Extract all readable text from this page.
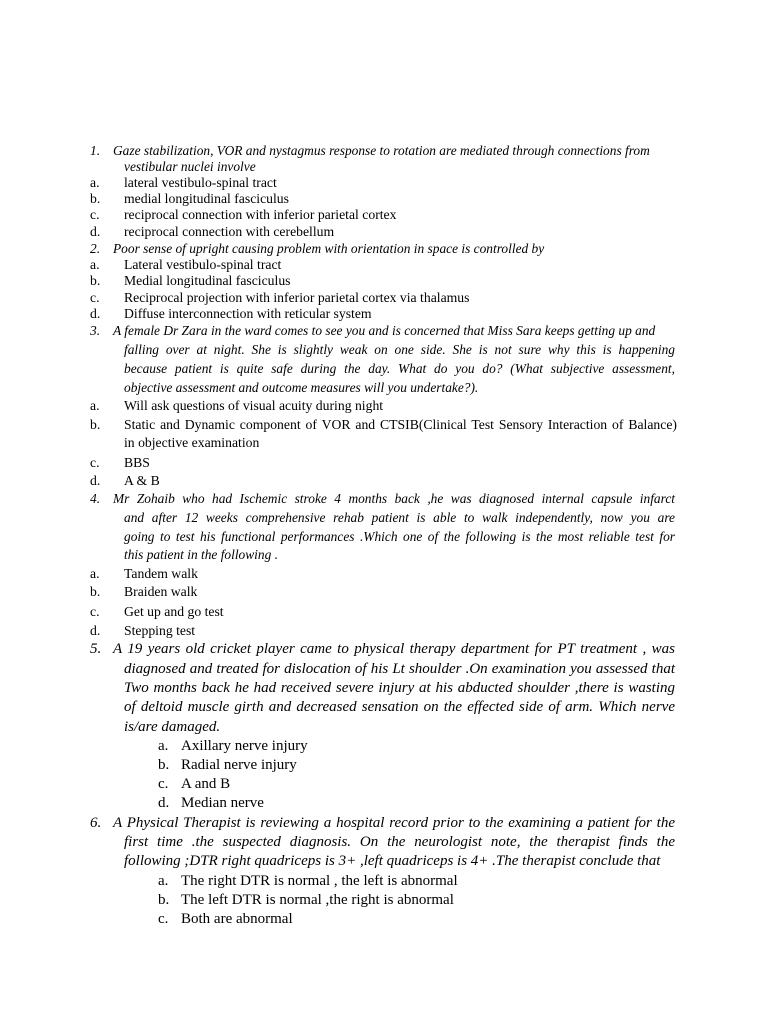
1. Gaze stabilization, VOR and nystagmus response to rotation are mediated through connections from
vestibular nuclei involve
a. lateral vestibulo-spinal tract
b. medial longitudinal fasciculus
c. reciprocal connection with inferior parietal cortex
d. reciprocal connection with cerebellum
2. Poor sense of upright causing problem with orientation in space is controlled by
a. Lateral vestibulo-spinal tract
b. Medial longitudinal fasciculus
c. Reciprocal projection with inferior parietal cortex via thalamus
d. Diffuse interconnection with reticular system
3. A female Dr Zara in the ward comes to see you and is concerned that Miss Sara keeps getting up and
falling over at night. She is slightly weak on one side. She is not sure why this is happening
because patient is quite safe during the day. What do you do? (What subjective assessment,
objective assessment and outcome measures will you undertake?).
a. Will ask questions of visual acuity during night
b. Static and Dynamic component of VOR and CTSIB(Clinical Test Sensory Interaction of Balance)
in objective examination
c. BBS
d. A & B
4. Mr Zohaib who had Ischemic stroke 4 months back ,he was diagnosed internal capsule infarct
and after 12 weeks comprehensive rehab patient is able to walk independently, now you are
going to test his functional performances .Which one of the following is the most reliable test for
this patient in the following .
a. Tandem walk
b. Braiden walk
c. Get up and go test
d. Stepping test
5. A 19 years old cricket player came to physical therapy department for PT treatment , was
diagnosed and treated for dislocation of his Lt shoulder .On examination you assessed that
Two months back he had received severe injury at his abducted shoulder ,there is wasting
of deltoid muscle girth and decreased sensation on the effected side of arm. Which nerve
is/are damaged.
a. Axillary nerve injury
b. Radial nerve injury
c. A and B
d. Median nerve
6. A Physical Therapist is reviewing a hospital record prior to the examining a patient for the
first time .the suspected diagnosis. On the neurologist note, the therapist finds the
following ;DTR right quadriceps is 3+ ,left quadriceps is 4+ .The therapist conclude that
a. The right DTR is normal , the left is abnormal
b. The left DTR is normal ,the right is abnormal
c. Both are abnormal
